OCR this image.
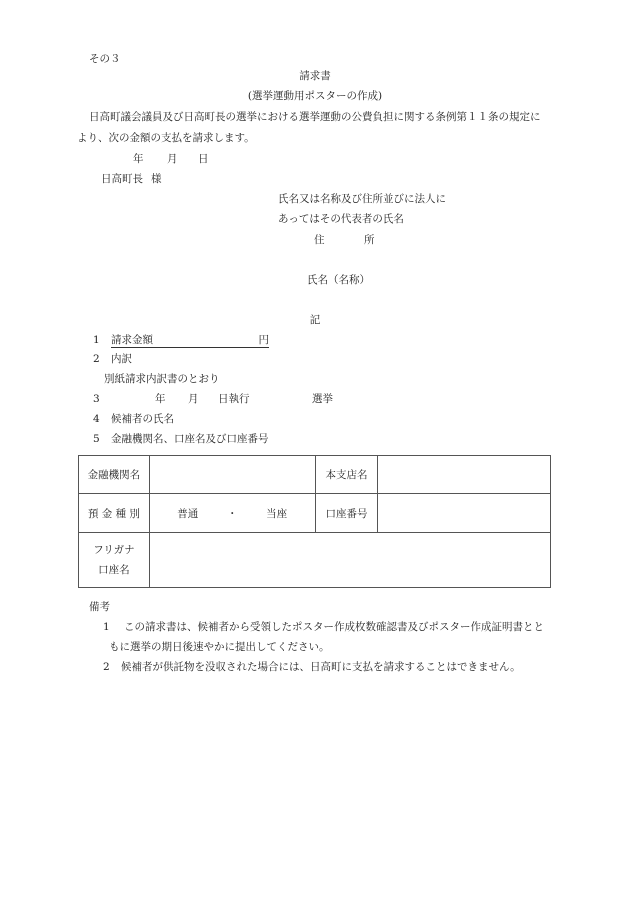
その３
請求書
(選挙運動用ポスターの作成)
日高町議会議員及び日高町長の選挙における選挙運動の公費負担に関する条例第１１条の規定に
より、次の金額の支払を請求します。
年 月 日
日高町長 様
氏名又は名称及び住所並びに法人に
あってはその代表者の氏名
住	所
氏名（名称）
記
1 請求金額	円
2 内訳
別紙請求内訳書のとおり
3	年 月 日執行	選挙
4 候補者の氏名
5 金融機関名、口座名及び口座番号
金融機関名		本支店名	
預 金 種 別	普通 ・ 当座	口座番号	

フリガナ
口座名			

備考
1 この請求書は、候補者から受領したポスター作成枚数確認書及びポスター作成証明書とと
もに選挙の期日後速やかに提出してください。
2 候補者が供託物を没収された場合には、日高町に支払を請求することはできません。
